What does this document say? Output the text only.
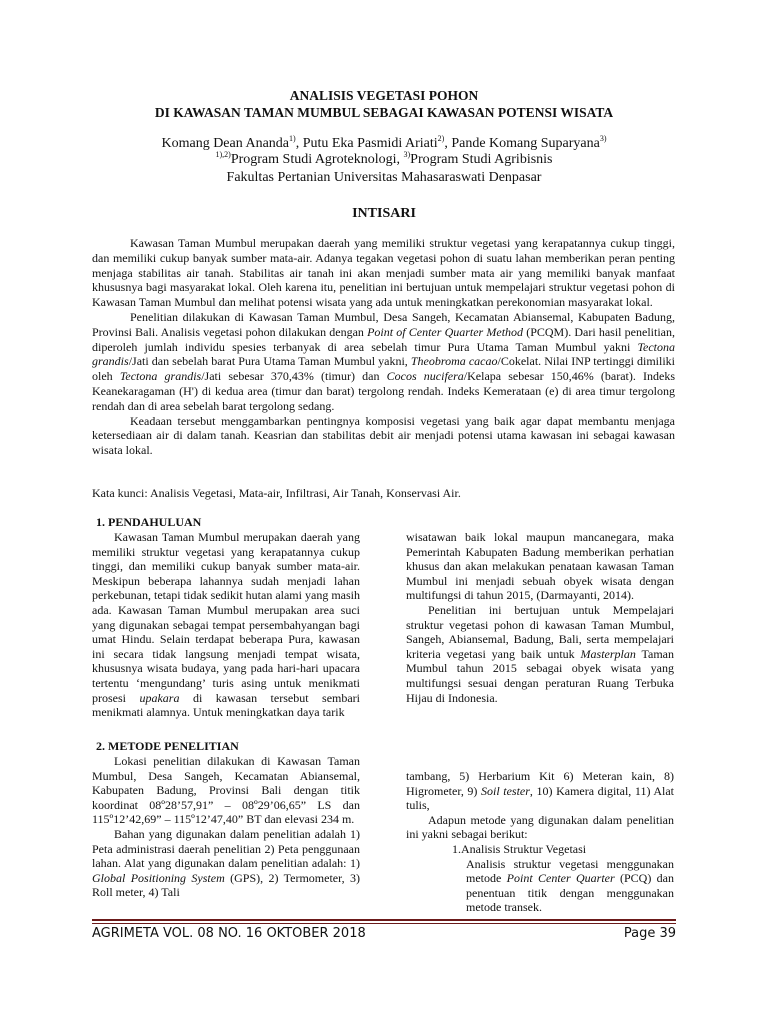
ANALISIS VEGETASI POHON
DI KAWASAN TAMAN MUMBUL SEBAGAI KAWASAN POTENSI WISATA
Komang Dean Ananda$^{1)}$, Putu Eka Pasmidi Ariati$^{2)}$, Pande Komang Suparyana$^{3)}$
$^{1),2)}$Program Studi Agroteknologi, $^{3)}$Program Studi Agribisnis
Fakultas Pertanian Universitas Mahasaraswati Denpasar
INTISARI

Kawasan Taman Mumbul merupakan daerah yang memiliki struktur vegetasi yang kerapatannya cukup tinggi, dan memiliki cukup banyak sumber mata-air. Adanya tegakan vegetasi pohon di suatu lahan memberikan peran penting menjaga stabilitas air tanah. Stabilitas air tanah ini akan menjadi sumber mata air yang memiliki banyak manfaat khususnya bagi masyarakat lokal. Oleh karena itu, penelitian ini bertujuan untuk mempelajari struktur vegetasi pohon di Kawasan Taman Mumbul dan melihat potensi wisata yang ada untuk meningkatkan perekonomian masyarakat lokal.

Penelitian dilakukan di Kawasan Taman Mumbul, Desa Sangeh, Kecamatan Abiansemal, Kabupaten Badung, Provinsi Bali. Analisis vegetasi pohon dilakukan dengan Point of Center Quarter Method (PCQM). Dari hasil penelitian, diperoleh jumlah individu spesies terbanyak di area sebelah timur Pura Utama Taman Mumbul yakni Tectona grandis/Jati dan sebelah barat Pura Utama Taman Mumbul yakni, Theobroma cacao/Cokelat. Nilai INP tertinggi dimiliki oleh Tectona grandis/Jati sebesar 370,43% (timur) dan Cocos nucifera/Kelapa sebesar 150,46% (barat). Indeks Keanekaragaman (H') di kedua area (timur dan barat) tergolong rendah. Indeks Kemerataan (e) di area timur tergolong rendah dan di area sebelah barat tergolong sedang.

Keadaan tersebut menggambarkan pentingnya komposisi vegetasi yang baik agar dapat membantu menjaga ketersediaan air di dalam tanah. Keasrian dan stabilitas debit air menjadi potensi utama kawasan ini sebagai kawasan wisata lokal.

Kata kunci: Analisis Vegetasi, Mata-air, Infiltrasi, Air Tanah, Konservasi Air.
1. PENDAHULUAN

Kawasan Taman Mumbul merupakan daerah yang memiliki struktur vegetasi yang kerapatannya cukup tinggi, dan memiliki cukup banyak sumber mata-air. Meskipun beberapa lahannya sudah menjadi lahan perkebunan, tetapi tidak sedikit hutan alami yang masih ada. Kawasan Taman Mumbul merupakan area suci yang digunakan sebagai tempat persembahyangan bagi umat Hindu. Selain terdapat beberapa Pura, kawasan ini secara tidak langsung menjadi tempat wisata, khususnya wisata budaya, yang pada hari-hari upacara tertentu ‘mengundang’ turis asing untuk menikmati prosesi upakara di kawasan tersebut sembari menikmati alamnya. Untuk meningkatkan daya tarik

wisatawan baik lokal maupun mancanegara, maka Pemerintah Kabupaten Badung memberikan perhatian khusus dan akan melakukan penataan kawasan Taman Mumbul ini menjadi sebuah obyek wisata dengan multifungsi di tahun 2015, (Darmayanti, 2014).

Penelitian ini bertujuan untuk Mempelajari struktur vegetasi pohon di kawasan Taman Mumbul, Sangeh, Abiansemal, Badung, Bali, serta mempelajari kriteria vegetasi yang baik untuk Masterplan Taman Mumbul tahun 2015 sebagai obyek wisata yang multifungsi sesuai dengan peraturan Ruang Terbuka Hijau di Indonesia.

2. METODE PENELITIAN

Lokasi penelitian dilakukan di Kawasan Taman Mumbul, Desa Sangeh, Kecamatan Abiansemal, Kabupaten Badung, Provinsi Bali dengan titik koordinat 08º28’57,91” – 08º29’06,65” LS dan 115º12’42,69” – 115º12’47,40” BT dan elevasi 234 m.

Bahan yang digunakan dalam penelitian adalah 1) Peta administrasi daerah penelitian 2) Peta penggunaan lahan. Alat yang digunakan dalam penelitian adalah: 1) Global Positioning System (GPS), 2) Termometer, 3) Roll meter, 4) Tali

tambang, 5) Herbarium Kit 6) Meteran kain, 8) Higrometer, 9) Soil tester, 10) Kamera digital, 11) Alat tulis,

Adapun metode yang digunakan dalam penelitian ini yakni sebagai berikut:

1.Analisis Struktur Vegetasi

Analisis struktur vegetasi menggunakan metode Point Center Quarter (PCQ) dan penentuan titik dengan menggunakan metode transek.

AGRIMETA VOL. 08 NO. 16 OKTOBER 2018	Page 39
